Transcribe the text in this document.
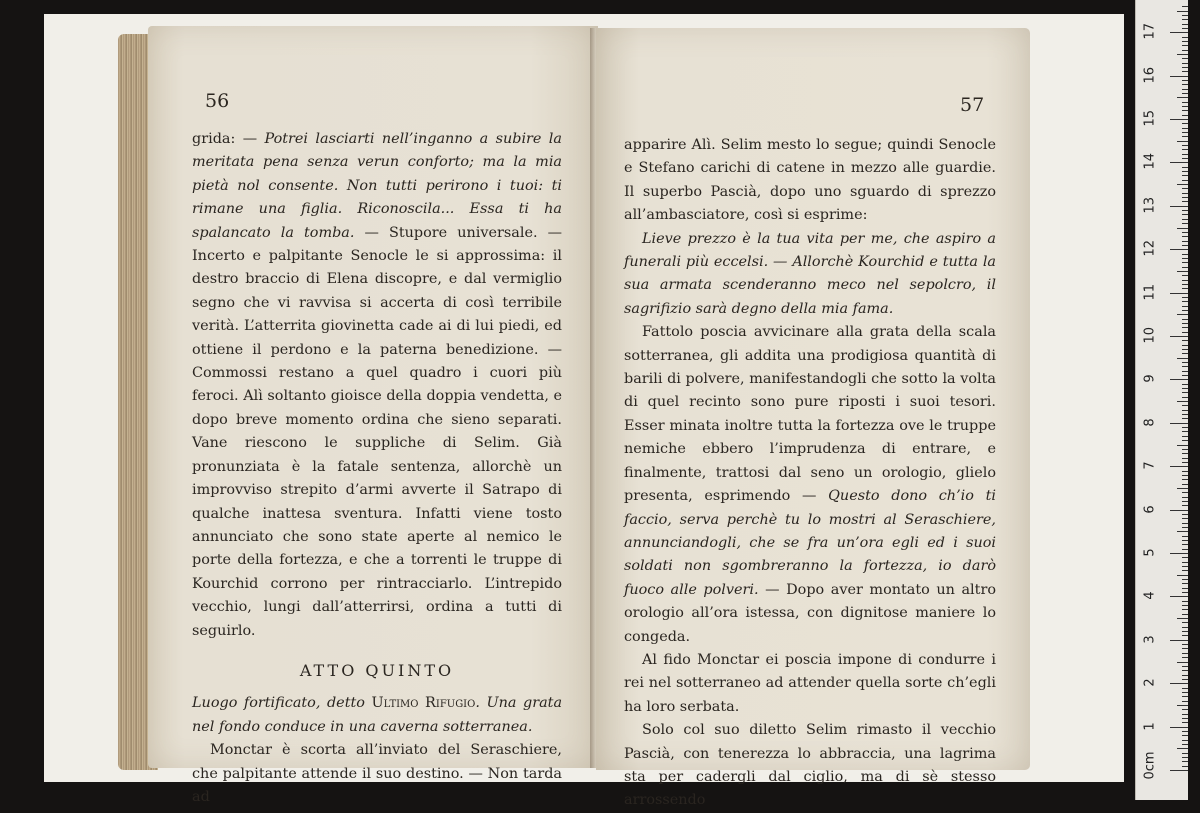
56

grida: — Potrei lasciarti nell’inganno a subire la meritata pena senza verun conforto; ma la mia pietà nol consente. Non tutti perirono i tuoi: ti rimane una figlia. Riconoscila... Essa ti ha spalancato la tomba. — Stupore universale. — Incerto e palpitante Senocle le si approssima: il destro braccio di Elena discopre, e dal vermiglio segno che vi ravvisa si accerta di così terribile verità. L’atterrita giovinetta cade ai di lui piedi, ed ottiene il perdono e la paterna benedizione. — Commossi restano a quel quadro i cuori più feroci. Alì soltanto gioisce della doppia vendetta, e dopo breve momento ordina che sieno separati. Vane riescono le suppliche di Selim. Già pronunziata è la fatale sentenza, allorchè un improvviso strepito d’armi avverte il Satrapo di qualche inattesa sventura. Infatti viene tosto annunciato che sono state aperte al nemico le porte della fortezza, e che a torrenti le truppe di Kourchid corrono per rintracciarlo. L’intrepido vecchio, lungi dall’atterrirsi, ordina a tutti di seguirlo.

ATTO QUINTO

Luogo fortificato, detto Ultimo Rifugio. Una grata nel fondo conduce in una caverna sotterranea.

Monctar è scorta all’inviato del Seraschiere, che palpitante attende il suo destino. — Non tarda ad

57

apparire Alì. Selim mesto lo segue; quindi Senocle e Stefano carichi di catene in mezzo alle guardie. Il superbo Pascià, dopo uno sguardo di sprezzo all’ambasciatore, così si esprime:

Lieve prezzo è la tua vita per me, che aspiro a funerali più eccelsi. — Allorchè Kourchid e tutta la sua armata scenderanno meco nel sepolcro, il sagrifizio sarà degno della mia fama.

Fattolo poscia avvicinare alla grata della scala sotterranea, gli addita una prodigiosa quantità di barili di polvere, manifestandogli che sotto la volta di quel recinto sono pure riposti i suoi tesori. Esser minata inoltre tutta la fortezza ove le truppe nemiche ebbero l’imprudenza di entrare, e finalmente, trattosi dal seno un orologio, glielo presenta, esprimendo — Questo dono ch’io ti faccio, serva perchè tu lo mostri al Seraschiere, annunciandogli, che se fra un’ora egli ed i suoi soldati non sgombreranno la fortezza, io darò fuoco alle polveri. — Dopo aver montato un altro orologio all’ora istessa, con dignitose maniere lo congeda.

Al fido Monctar ei poscia impone di condurre i rei nel sotterraneo ad attender quella sorte ch’egli ha loro serbata.

Solo col suo diletto Selim rimasto il vecchio Pascià, con tenerezza lo abbraccia, una lagrima sta per cadergli dal ciglio, ma di sè stesso arrossendo

0cm
1
2
3
4
5
6
7
8
9
10
11
12
13
14
15
16
17
